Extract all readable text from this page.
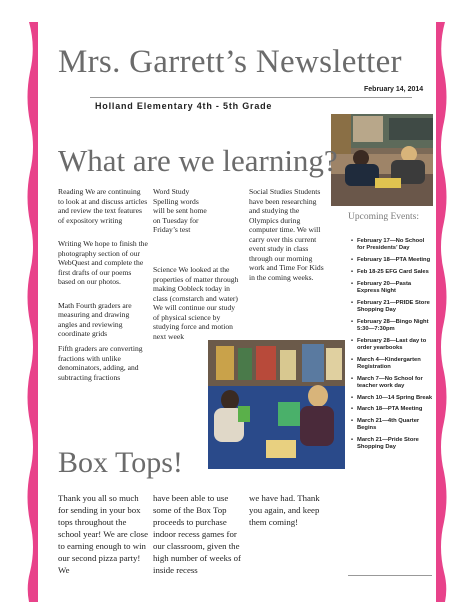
Mrs. Garrett’s Newsletter
February 14, 2014
Holland Elementary 4th - 5th Grade
What are we learning?

Reading We are continuing to look at and discuss articles and review the text features of expository writing

Writing We hope to finish the photography section of our WebQuest and complete the first drafts of our poems based on our photos.

Math Fourth graders are measuring and drawing angles and reviewing coordinate grids

Fifth graders are converting fractions with unlike denominators, adding, and subtracting fractions

Word Study Spelling words will be sent home on Tuesday for Friday’s test

Science We looked at the properties of matter through making Oobleck today in class (cornstarch and water) We will continue our study of physical science by studying force and motion next week

Social Studies Students have been researching and studying the Olympics during computer time. We will carry over this current event study in class through our morning work and Time For Kids in the coming weeks.

Upcoming Events:
• February 17—No School for Presidents’ Day
• February 18—PTA Meeting
• Feb 18-25 EFG Card Sales
• February 20—Pasta Express Night
• February 21—PRIDE Store Shopping Day
• February 28—Bingo Night 5:30—7:30pm
• February 28—Last day to order yearbooks
• March 4—Kindergarten Registration
• March 7—No School for teacher work day
• March 10—14 Spring Break
• March 18—PTA Meeting
• March 21—4th Quarter Begins
• March 21—Pride Store Shopping Day
Box Tops!
Thank you all so much for sending in your box tops throughout the school year! We are close to earning enough to win our second pizza party! We
have been able to use some of the Box Top proceeds to purchase indoor recess games for our classroom, given the high number of weeks of inside recess
we have had. Thank you again, and keep them coming!
